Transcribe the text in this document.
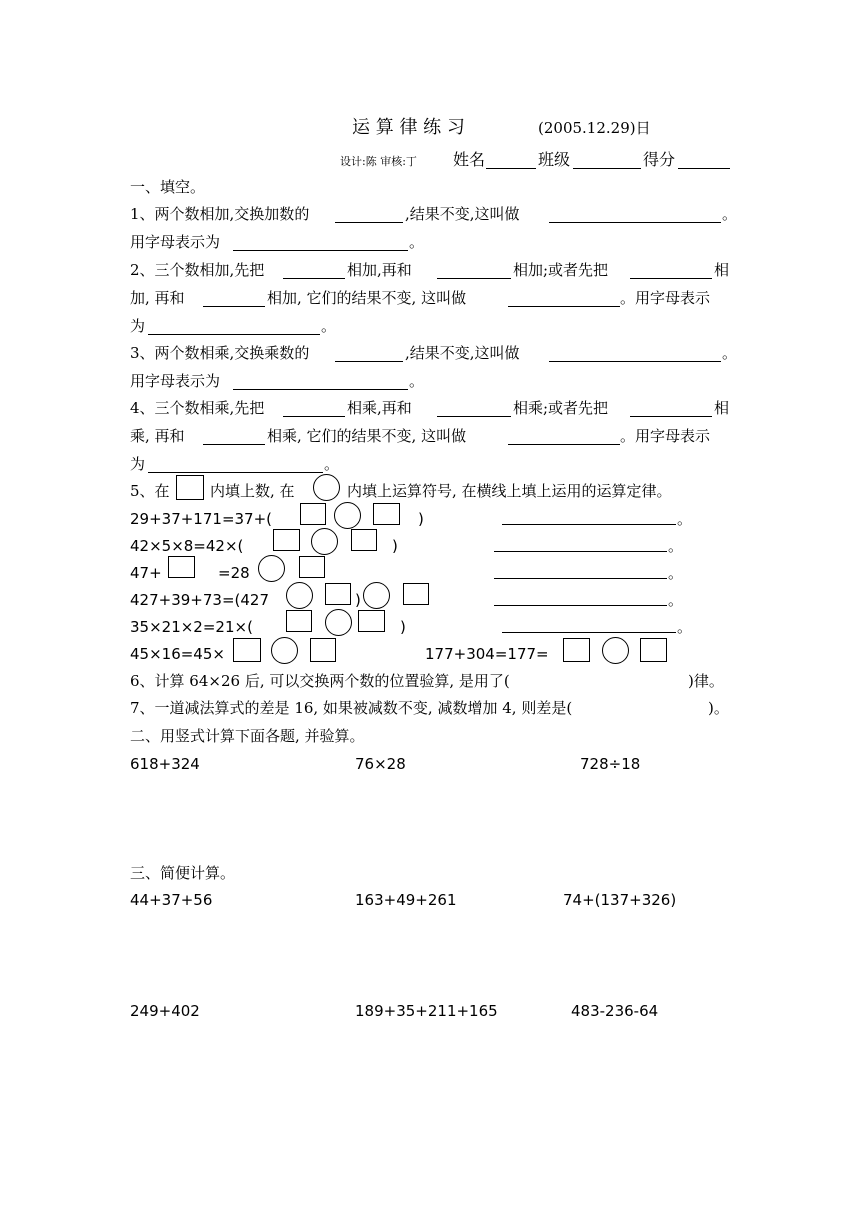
运 算 律 练 习	(2005.12.29)日
设计:陈 审核:丁 姓名	班级	得分
一、填空。
1、两个数相加,交换加数的	,结果不变,这叫做	。
用字母表示为	。
2、三个数相加,先把	相加,再和	相加;或者先把	相
加, 再和	相加, 它们的结果不变, 这叫做	。用字母表示
为	。
3、两个数相乘,交换乘数的	,结果不变,这叫做	。
用字母表示为	。
4、三个数相乘,先把	相乘,再和	相乘;或者先把	相
乘, 再和	相乘, 它们的结果不变, 这叫做	。用字母表示
为	。
5、在	内填上数, 在	内填上运算符号, 在横线上填上运用的运算定律。
29+37+171=37+(	)	。
42×5×8=42×(	)	。
47+	=28	。
427+39+73=(427	)	。
35×21×2=21×(	)	。
45×16=45×	177+304=177=
6、计算 64×26 后, 可以交换两个数的位置验算, 是用了(	)律。
7、一道减法算式的差是 16, 如果被减数不变, 减数增加 4, 则差是(	)。
二、用竖式计算下面各题, 并验算。
618+324	76×28	728÷18
三、简便计算。
44+37+56	163+49+261	74+(137+326)
249+402	189+35+211+165	483-236-64
